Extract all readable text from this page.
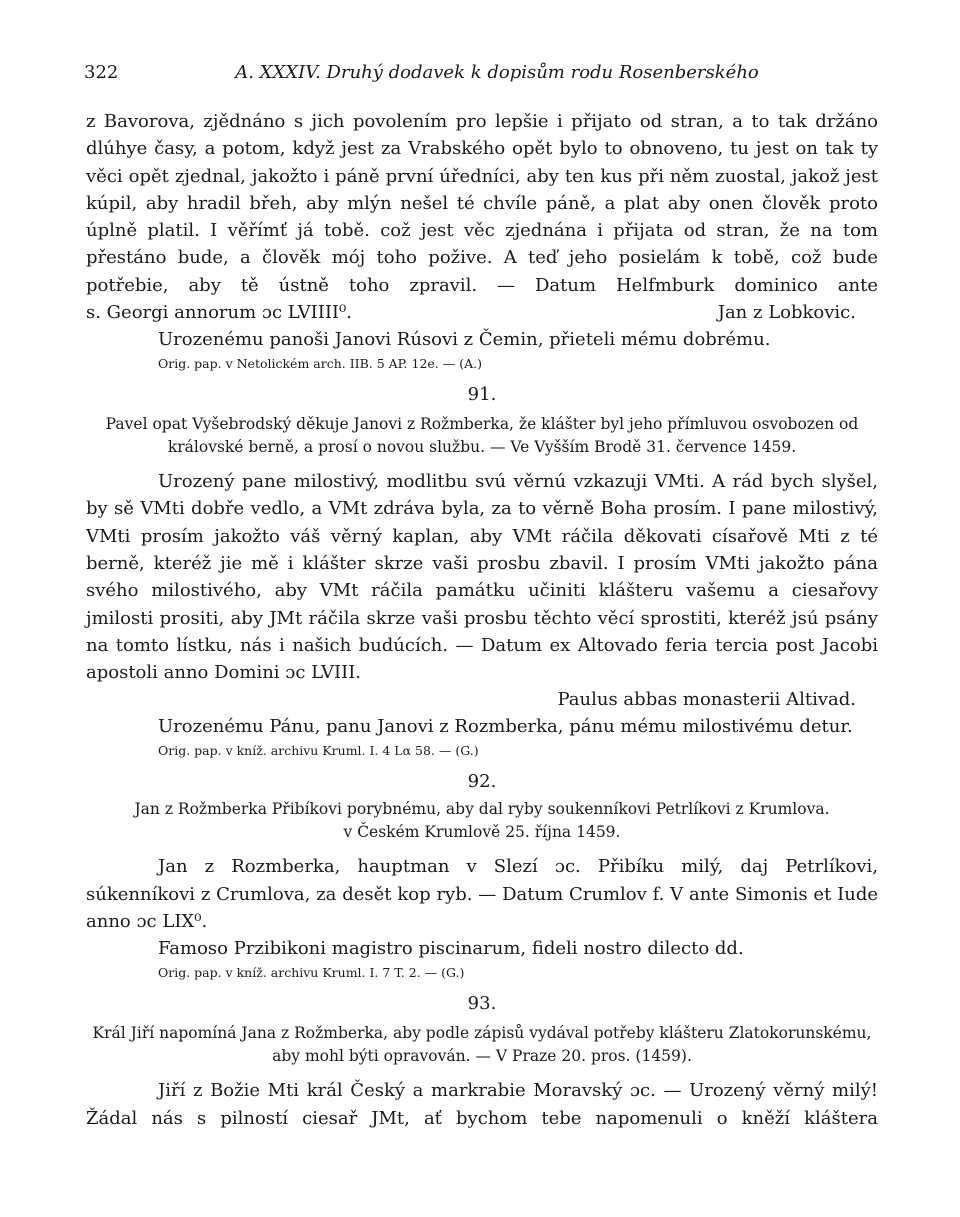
322	A. XXXIV. Druhý dodavek k dopisům rodu Rosenberského

z Bavorova, zjědnáno s jich povolením pro lepšie i přijato od stran, a to tak držáno dlúhye časy, a potom, když jest za Vrabského opět bylo to obnoveno, tu jest on tak ty věci opět zjednal, jakožto i páně první úředníci, aby ten kus při něm zuostal, jakož jest kúpil, aby hradil břeh, aby mlýn nešel té chvíle páně, a plat aby onen člověk proto úplně platil. I věřímť já tobě. což jest věc zjednána i přijata od stran, že na tom přestáno bude, a člověk mój toho požive. A teď jeho posielám k tobě, což bude potřebie, aby tě ústně toho zpravil. — Datum Helfmburk dominico ante

s. Georgi annorum ɔc LVIIII⁰.	Jan z Lobkovic.

Urozenému panoši Janovi Rúsovi z Čemin, přieteli mému dobrému.

Orig. pap. v Netolickém arch. IIB. 5 AP. 12e. — (A.)

91.

Pavel opat Vyšebrodský děkuje Janovi z Rožmberka, že klášter byl jeho přímluvou osvobozen od královské berně, a prosí o novou službu. — Ve Vyšším Brodě 31. července 1459.

Urozený pane milostivý, modlitbu svú věrnú vzkazuji VMti. A rád bych slyšel, by sě VMti dobře vedlo, a VMt zdráva byla, za to věrně Boha prosím. I pane milostivý, VMti prosím jakožto váš věrný kaplan, aby VMt ráčila děkovati císařově Mti z té berně, kteréž jie mě i klášter skrze vaši prosbu zbavil. I prosím VMti jakožto pána svého milostivého, aby VMt ráčila památku učiniti klášteru vašemu a ciesařovy jmilosti prositi, aby JMt ráčila skrze vaši prosbu těchto věcí sprostiti, kteréž jsú psány na tomto lístku, nás i našich budúcích. — Datum ex Altovado feria tercia post Jacobi apostoli anno Domini ɔc LVIII.

Paulus abbas monasterii Altivad.

Urozenému Pánu, panu Janovi z Rozmberka, pánu mému milostivému detur.

Orig. pap. v kníž. archivu Kruml. I. 4 Lα 58. — (G.)

92.

Jan z Rožmberka Přibíkovi porybnému, aby dal ryby soukenníkovi Petrlíkovi z Krumlova.

v Českém Krumlově 25. října 1459.

Jan z Rozmberka, hauptman v Slezí ɔc. Přibíku milý, daj Petrlíkovi, súkenníkovi z Crumlova, za desět kop ryb. — Datum Crumlov f. V ante Simonis et Iude anno ɔc LIX⁰.

Famoso Przibikoni magistro piscinarum, fideli nostro dilecto dd.

Orig. pap. v kníž. archivu Kruml. I. 7 T. 2. — (G.)

93.

Král Jiří napomíná Jana z Rožmberka, aby podle zápisů vydával potřeby klášteru Zlatokorunskému, aby mohl býti opravován. — V Praze 20. pros. (1459).

Jiří z Božie Mti král Český a markrabie Moravský ɔc. — Urozený věrný milý! Žádal nás s pilností ciesař JMt, ať bychom tebe napomenuli o kněží kláštera
